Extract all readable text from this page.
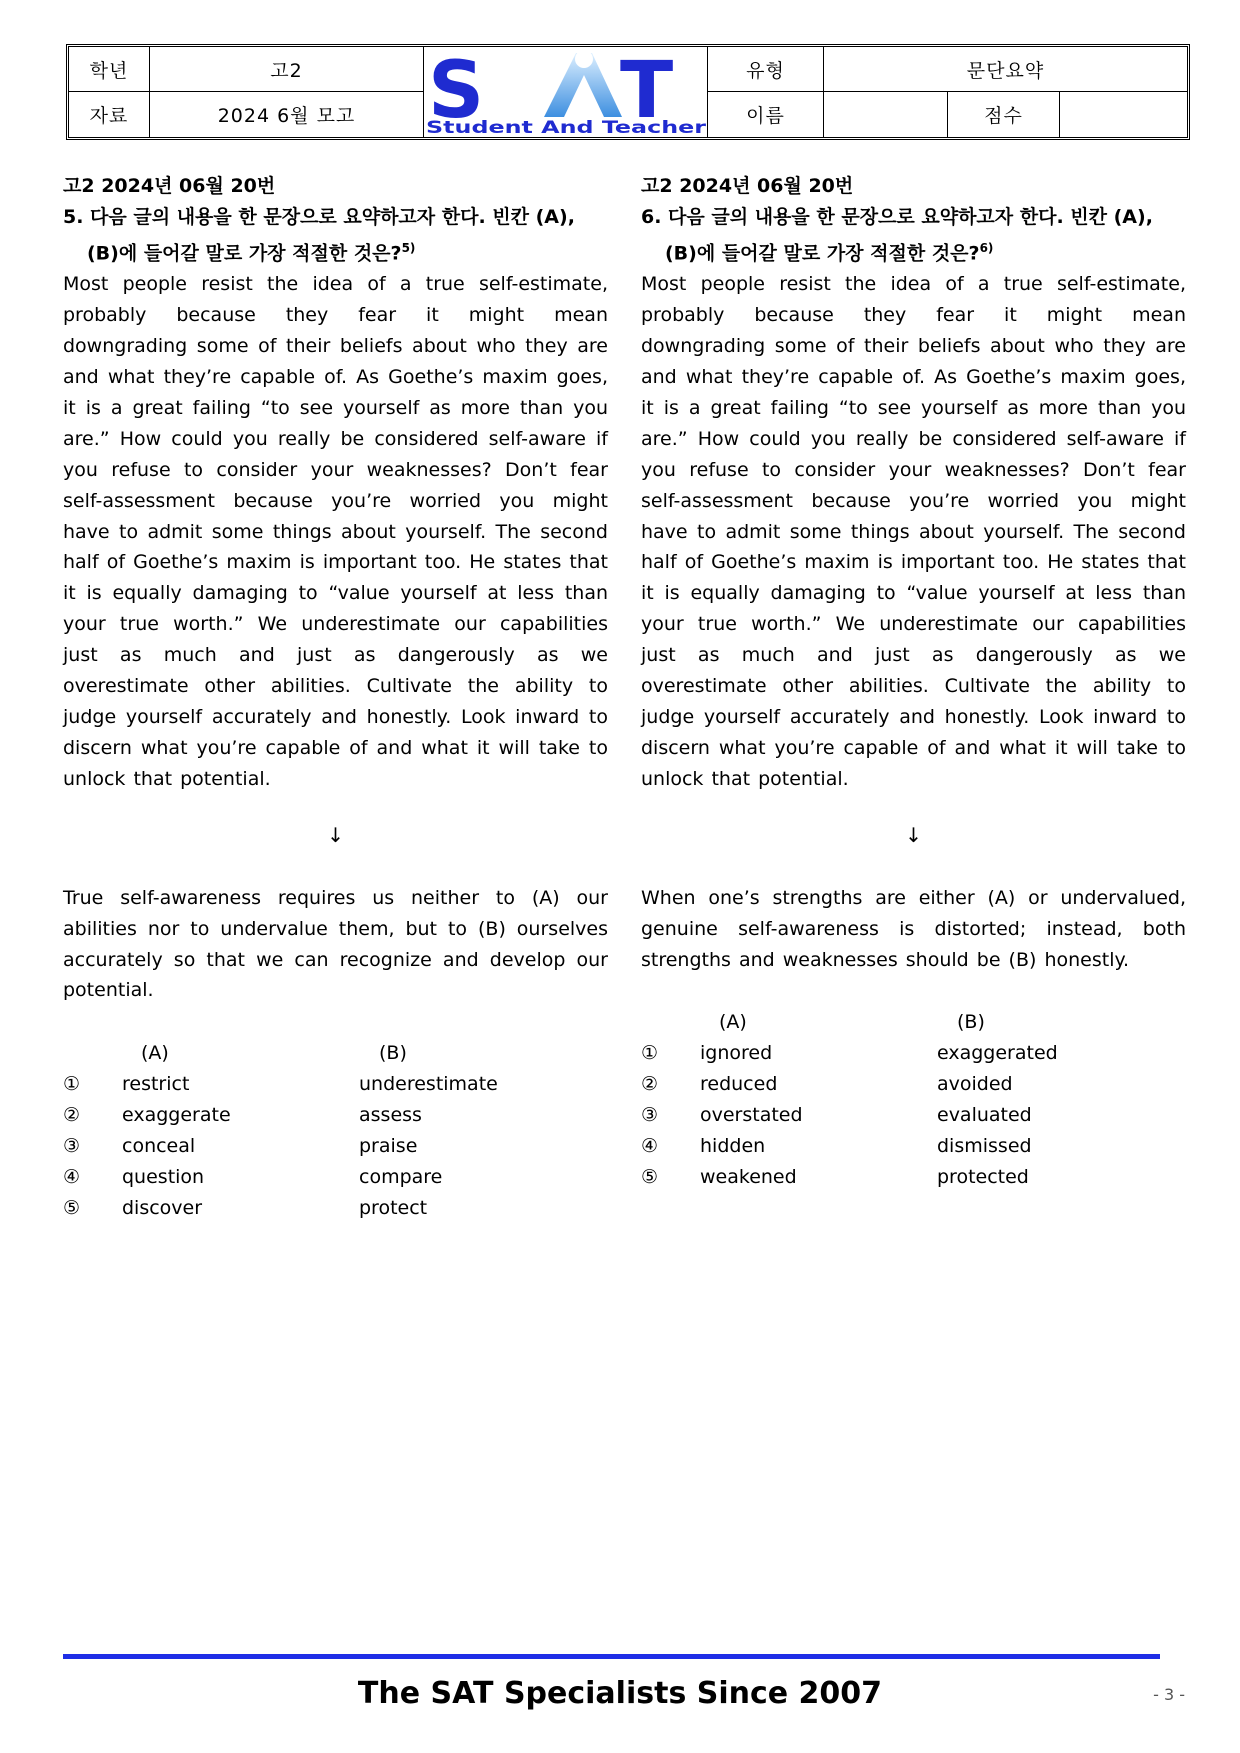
학년	고2	유형	문단요약
자료	2024 6월 모고	이름	점수
S T
Student And Teacher
고2 2024년 06월 20번
5. 다음 글의 내용을 한 문장으로 요약하고자 한다. 빈칸 (A),
(B)에 들어갈 말로 가장 적절한 것은?$^{5)}$
Most people resist the idea of a true self-estimate, probably because they fear it might mean downgrading some of their beliefs about who they are and what they’re capable of. As Goethe’s maxim goes, it is a great failing “to see yourself as more than you are.” How could you really be considered self-aware if you refuse to consider your weaknesses? Don’t fear self-assessment because you’re worried you might have to admit some things about yourself. The second half of Goethe’s maxim is important too. He states that it is equally damaging to “value yourself at less than your true worth.” We underestimate our capabilities just as much and just as dangerously as we overestimate other abilities. Cultivate the ability to judge yourself accurately and honestly. Look inward to discern what you’re capable of and what it will take to unlock that potential.
↓
True self-awareness requires us neither to (A) our abilities nor to undervalue them, but to (B) ourselves accurately so that we can recognize and develop our potential.
(A)	(B)
① restrict	underestimate
② exaggerate	assess
③ conceal	praise
④ question	compare
⑤ discover	protect
고2 2024년 06월 20번
6. 다음 글의 내용을 한 문장으로 요약하고자 한다. 빈칸 (A),
(B)에 들어갈 말로 가장 적절한 것은?$^{6)}$
Most people resist the idea of a true self-estimate, probably because they fear it might mean downgrading some of their beliefs about who they are and what they’re capable of. As Goethe’s maxim goes, it is a great failing “to see yourself as more than you are.” How could you really be considered self-aware if you refuse to consider your weaknesses? Don’t fear self-assessment because you’re worried you might have to admit some things about yourself. The second half of Goethe’s maxim is important too. He states that it is equally damaging to “value yourself at less than your true worth.” We underestimate our capabilities just as much and just as dangerously as we overestimate other abilities. Cultivate the ability to judge yourself accurately and honestly. Look inward to discern what you’re capable of and what it will take to unlock that potential.
↓
When one’s strengths are either (A) or undervalued, genuine self-awareness is distorted; instead, both strengths and weaknesses should be (B) honestly.
(A)	(B)
① ignored	exaggerated
② reduced	avoided
③ overstated	evaluated
④ hidden	dismissed
⑤ weakened	protected
The SAT Specialists Since 2007	- 3 -
